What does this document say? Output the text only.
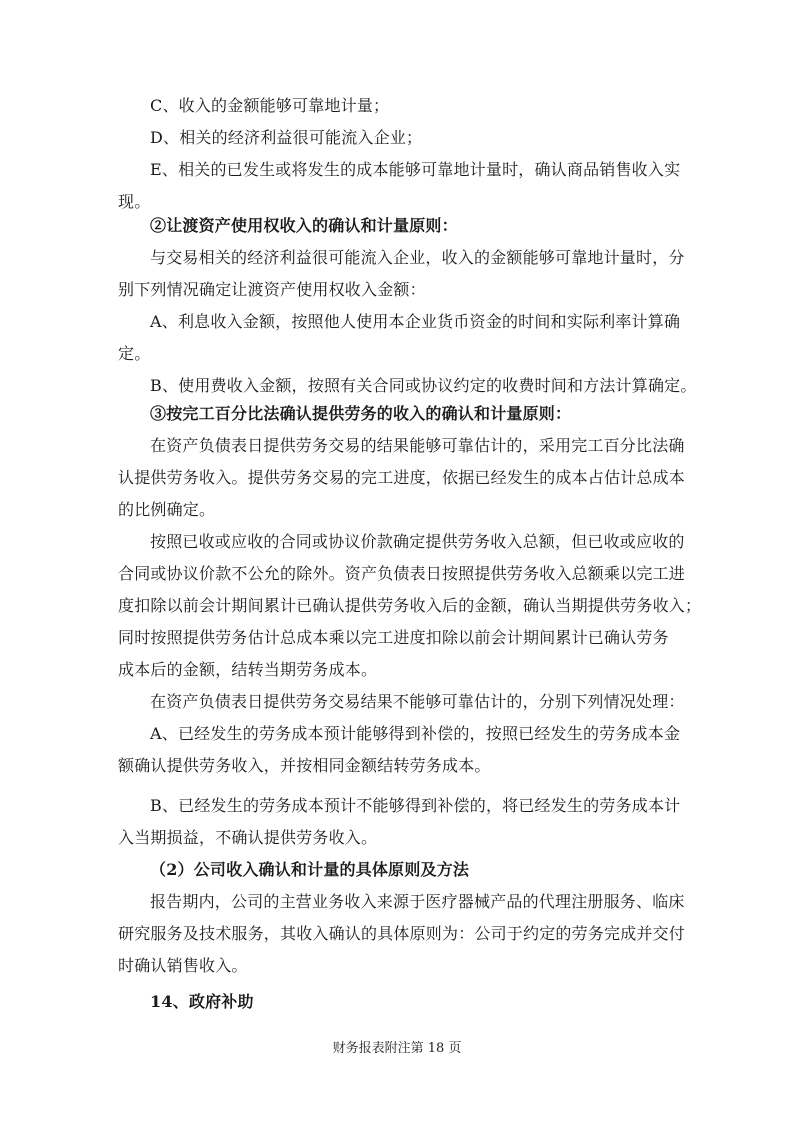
C、收入的金额能够可靠地计量；
D、相关的经济利益很可能流入企业；
E、相关的已发生或将发生的成本能够可靠地计量时，确认商品销售收入实
现。
②让渡资产使用权收入的确认和计量原则：
与交易相关的经济利益很可能流入企业，收入的金额能够可靠地计量时，分
别下列情况确定让渡资产使用权收入金额：
A、利息收入金额，按照他人使用本企业货币资金的时间和实际利率计算确
定。
B、使用费收入金额，按照有关合同或协议约定的收费时间和方法计算确定。
③按完工百分比法确认提供劳务的收入的确认和计量原则：
在资产负债表日提供劳务交易的结果能够可靠估计的，采用完工百分比法确
认提供劳务收入。提供劳务交易的完工进度，依据已经发生的成本占估计总成本
的比例确定。
按照已收或应收的合同或协议价款确定提供劳务收入总额，但已收或应收的
合同或协议价款不公允的除外。资产负债表日按照提供劳务收入总额乘以完工进
度扣除以前会计期间累计已确认提供劳务收入后的金额，确认当期提供劳务收入；
同时按照提供劳务估计总成本乘以完工进度扣除以前会计期间累计已确认劳务
成本后的金额，结转当期劳务成本。
在资产负债表日提供劳务交易结果不能够可靠估计的，分别下列情况处理：
A、已经发生的劳务成本预计能够得到补偿的，按照已经发生的劳务成本金
额确认提供劳务收入，并按相同金额结转劳务成本。
B、已经发生的劳务成本预计不能够得到补偿的，将已经发生的劳务成本计
入当期损益，不确认提供劳务收入。
（2）公司收入确认和计量的具体原则及方法
报告期内，公司的主营业务收入来源于医疗器械产品的代理注册服务、临床
研究服务及技术服务，其收入确认的具体原则为：公司于约定的劳务完成并交付
时确认销售收入。
14、政府补助
财务报表附注第 18 页
